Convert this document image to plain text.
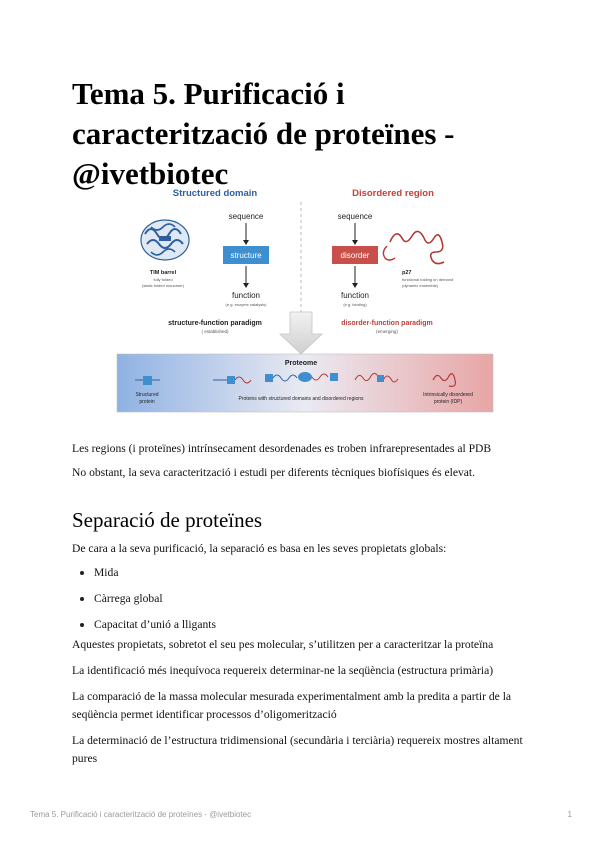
Tema 5. Purificació i caracterització de proteïnes - @ivetbiotec
Structured domain	Disordered region
sequence
structure
function
(e.g. enzyme catalysis)
TIM barrel
fully folded
(static folded monomer)
sequence
disorder
function
(e.g. binding)
p27
functional folding on demand
(dynamic ensemble)
structure-function paradigm
( established)
disorder-function paradigm
(emerging)
Proteome
Structured
protein	Proteins with structured domains and disordered regions
Intrinsically disordered
protein (IDP)

Les regions (i proteïnes) intrínsecament desordenades es troben infrarepresentades al PDB

No obstant, la seva caracterització i estudi per diferents tècniques biofísiques és elevat.

Separació de proteïnes

De cara a la seva purificació, la separació es basa en les seves propietats globals:

Mida
Càrrega global
Capacitat d’unió a lligants

Aquestes propietats, sobretot el seu pes molecular, s’utilitzen per a caracteritzar la proteïna

La identificació més inequívoca requereix determinar-ne la seqüència (estructura primària)

La comparació de la massa molecular mesurada experimentalment amb la predita a partir de la seqüència permet identificar processos d’oligomerització

La determinació de l’estructura tridimensional (secundària i terciària) requereix mostres altament pures

Tema 5. Purificació i caracterització de proteïnes - @ivetbiotec	1
